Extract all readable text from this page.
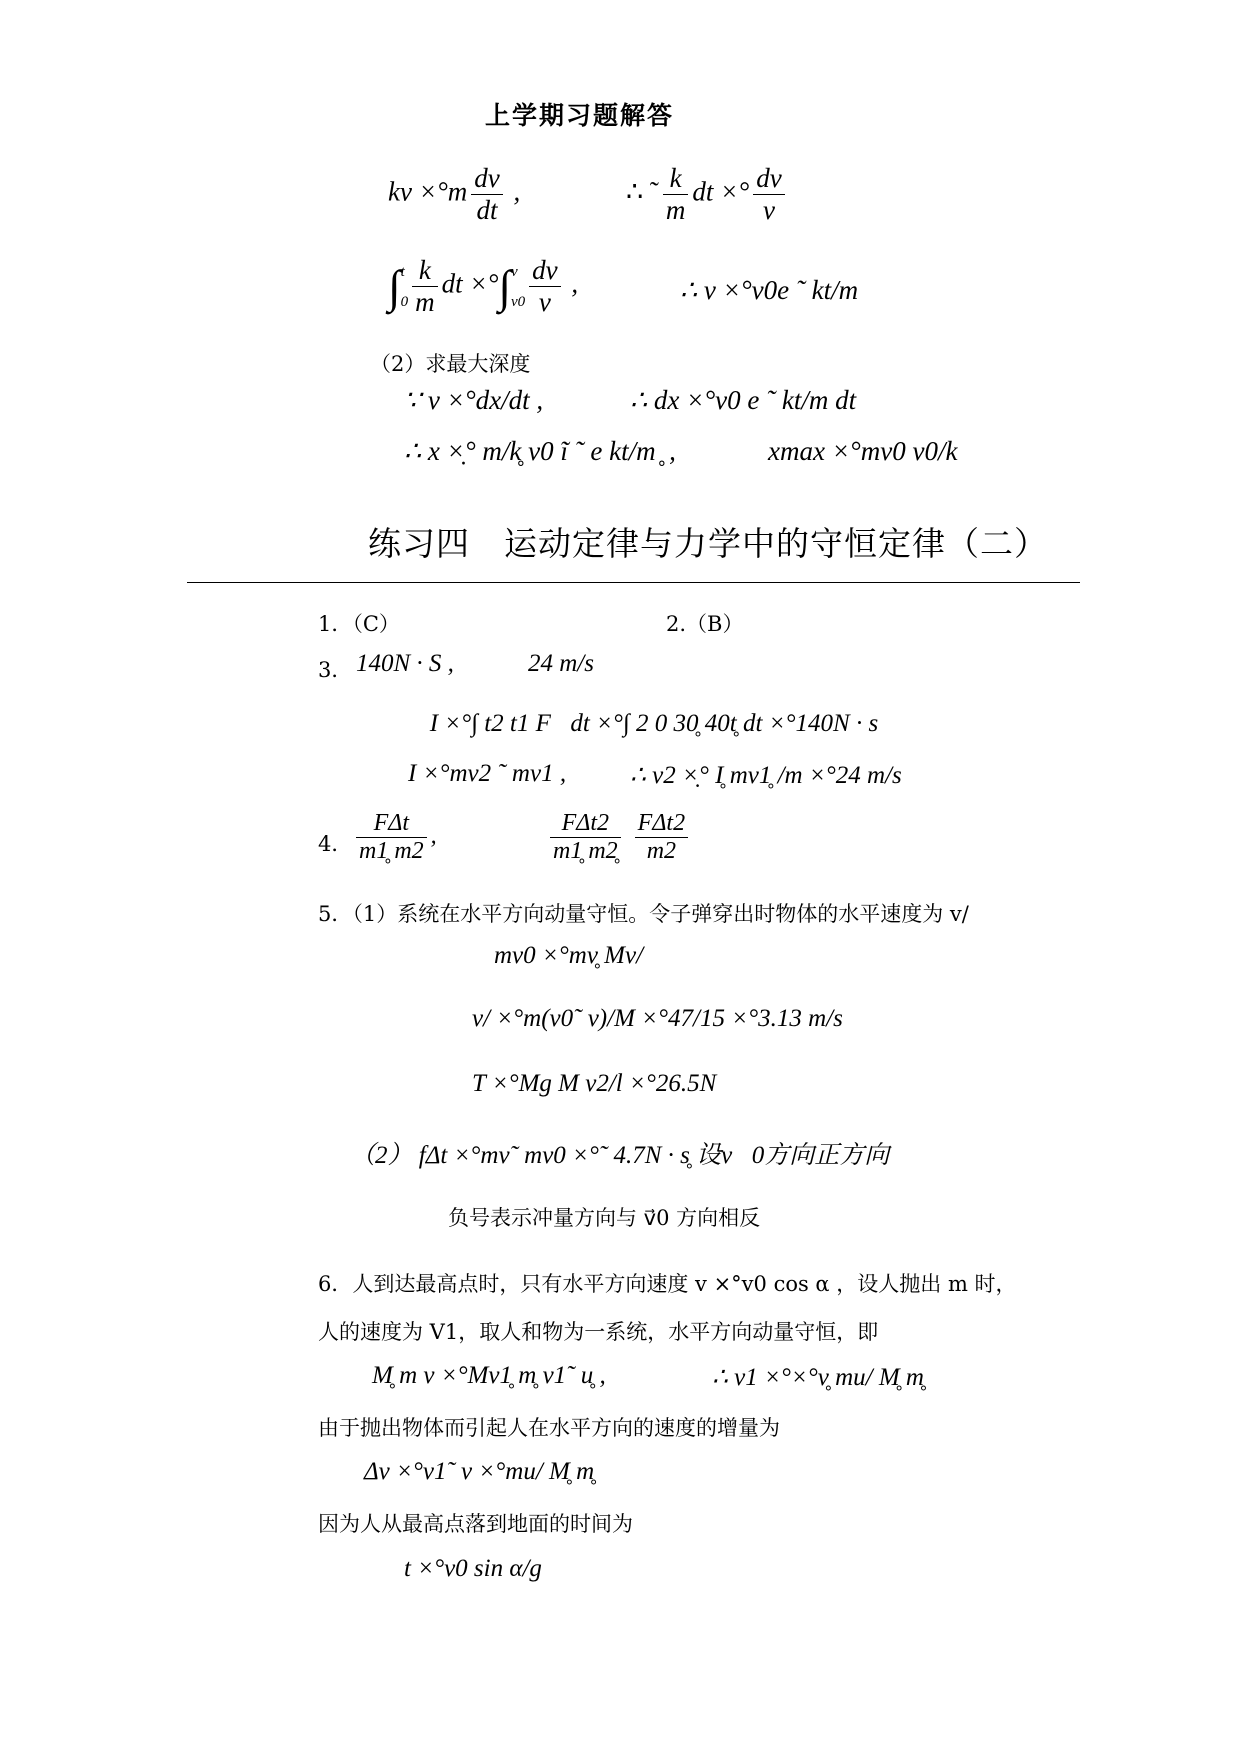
上学期习题解答
kv $\times^\circ m \frac{dv}{dt}$ ,	∴ ˜ $\frac{k}{m}$ dt ×° $\frac{dv}{v}$
∫ t
$0 \frac{k}{m}$ dt ×°∫ v
$v0 \frac{dv}{v}$ ,	∴ v ×°v0e ˜ kt/m
（2）求最大深度
∵ v ×°dx/dt ,	∴ dx ×°v0 e ˜ kt/m dt
∴ x ×̣° m/k̥ v0 ĩ ˜ e kt/m ̥ ,	xmax ×°mv0 v0/k
练习四　运动定律与力学中的守恒定律（二）
1．（C）	2.（B）
3． 140N · S ,	24 m/s
∵ I ×°∫ t2 t1 F⃗dt ×°∫ 2 0 30̥ 40t̥ dt ×°140N · s
I ×°mv2 ˜ mv1 ,	∴ v2 ×̣° I̥ mv1̥ /m ×°24 m/s
4． $\frac{\text{FΔt}}{m1̥ m2}$ ,	$\frac{\text{FΔt2}}{m1̥ m2̥}$
$\frac{\text{FΔt2}}{m2}$
5．（1）系统在水平方向动量守恒。令子弹穿出时物体的水平速度为 v/
mv0 ×°mv̥ Mv/
v/ ×°m(v0˜ v)/M ×°47/15 ×°3.13 m/s
T ×°Mg M v2/l ×°26.5N
（2） fΔt ×°mv˜ mv0 ×°˜ 4.7N · s̥ 设v⃗0方向正方向
负号表示冲量方向与 v⃗0 方向相反
6．人到达最高点时，只有水平方向速度 v ×°v0 cos α ，设人抛出 m 时，
人的速度为 V1，取人和物为一系统，水平方向动量守恒，即
M̥ m v ×°Mv1̥ m̥ v1˜ u̥ ,	∴ v1 ×°×°v̥ mu/ M̥ m̥
由于抛出物体而引起人在水平方向的速度的增量为
Δv ×°v1˜ v ×°mu/ M̥ m̥
因为人从最高点落到地面的时间为
t ×°v0 sin α/g
